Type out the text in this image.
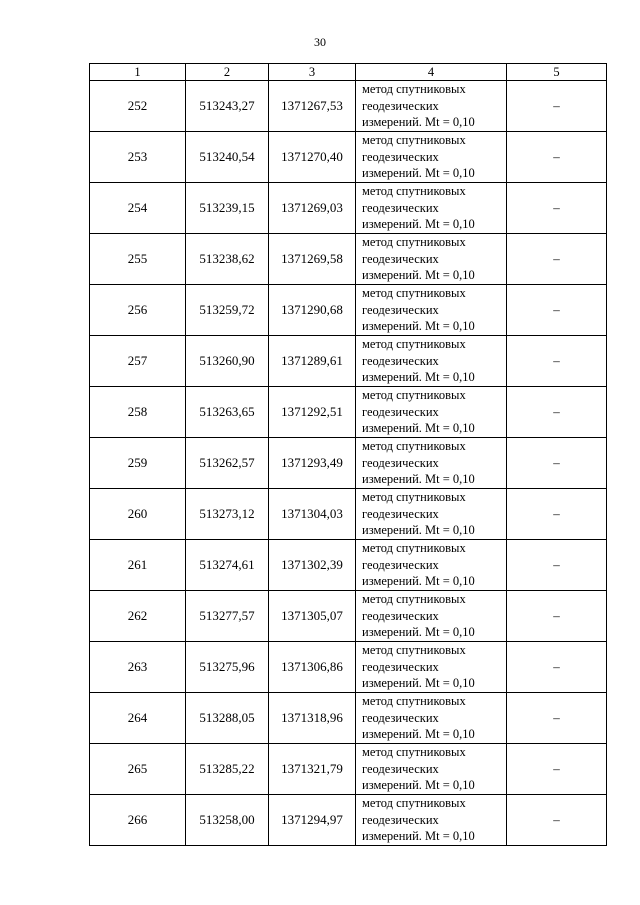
30
1	2	3	4	5
252	513243,27	1371267,53	метод спутниковых
геодезических
измерений. Mt = 0,10	–
253	513240,54	1371270,40	метод спутниковых
геодезических
измерений. Mt = 0,10	–
254	513239,15	1371269,03	метод спутниковых
геодезических
измерений. Mt = 0,10	–
255	513238,62	1371269,58	метод спутниковых
геодезических
измерений. Mt = 0,10	–
256	513259,72	1371290,68	метод спутниковых
геодезических
измерений. Mt = 0,10	–
257	513260,90	1371289,61	метод спутниковых
геодезических
измерений. Mt = 0,10	–
258	513263,65	1371292,51	метод спутниковых
геодезических
измерений. Mt = 0,10	–
259	513262,57	1371293,49	метод спутниковых
геодезических
измерений. Mt = 0,10	–
260	513273,12	1371304,03	метод спутниковых
геодезических
измерений. Mt = 0,10	–
261	513274,61	1371302,39	метод спутниковых
геодезических
измерений. Mt = 0,10	–
262	513277,57	1371305,07	метод спутниковых
геодезических
измерений. Mt = 0,10	–
263	513275,96	1371306,86	метод спутниковых
геодезических
измерений. Mt = 0,10	–
264	513288,05	1371318,96	метод спутниковых
геодезических
измерений. Mt = 0,10	–
265	513285,22	1371321,79	метод спутниковых
геодезических
измерений. Mt = 0,10	–
266	513258,00	1371294,97	метод спутниковых
геодезических
измерений. Mt = 0,10	–
